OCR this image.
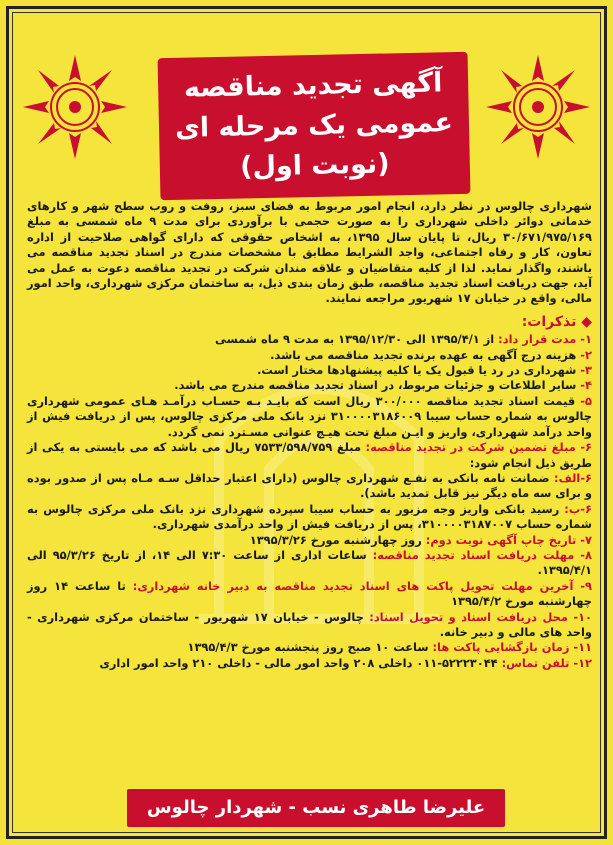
آگهی تجدید مناقصه
عمومی یک مرحله ای
(نوبت اول)

شهرداری چالوس در نظر دارد، انجام امور مربوط به فضای سبز، روفت و روب سطح شهر و کارهای خدماتی دوائر داخلی شهرداری را به صورت حجمی با برآوردی برای مدت ۹ ماه شمسی به مبلغ ۳۰/۶۷۱/۹۷۵/۱۶۹ ریال، تا پایان سال ۱۳۹۵، به اشخاص حقوقی که دارای گواهی صلاحیت از اداره تعاون، کار و رفاه اجتماعی، واجد الشرایط مطابق با مشخصات مندرج در اسناد تجدید مناقصه می باشند، واگذار نماید. لذا از کلیه متقاضیان و علاقه مندان شرکت در تجدید مناقصه دعوت به عمل می آید، جهت دریافت اسناد تجدید مناقصه، طبق زمان بندی ذیل، به ساختمان مرکزی شهرداری، واحد امور مالی، واقع در خیابان ۱۷ شهریور مراجعه نمایند.

◆ تذکرات:

۱- مدت قرار داد: از ۱۳۹۵/۴/۱ الی ۱۳۹۵/۱۲/۳۰ به مدت ۹ ماه شمسی

۲- هزینه درج آگهی به عهده برنده تجدید مناقصه می باشد.

۳- شهرداری در رد یا قبول یک یا کلیه پیشنهادها مختار است.

۴- سایر اطلاعات و جزئیات مربوط، در اسناد تجدید مناقصه مندرج می باشد.

۵- قیمت اسناد تجدید مناقصه ۳۰۰/۰۰۰ ریال است که بایـد بـه حسـاب درآمـد هـای عمومی شهرداری چالوس به شماره حساب سیبا ۳۱۰۰۰۰۳۱۸۶۰۰۹ نزد بانک ملی مرکزی چالوس، پس از دریافت فیش از واحد درآمد شهرداری، واریز و ایـن مبلغ تحت هیـچ عنوانی مسـترد نمی گردد.

۶- مبلغ تضمین شرکت در تجدید مناقصه: مبلغ ۷۵۳۳/۵۹۸/۷۵۹ ریال می باشد که می بایستی به یکی از طریق ذیل انجام شود:

۶-الف: ضمانت نامه بانکی به نفـع شهرداری چالوس (دارای اعتبار حداقل سـه مـاه پس از صدور بوده و برای سه ماه دیگر نیز قابل تمدید باشد).

۶-ب: رسید بانکی واریز وجه مزبور به حساب سیبا سپرده شهرداری نزد بانک ملی مرکزی چالوس به شماره حساب ۳۱۰۰۰۰۳۱۸۷۰۰۷، پس از دریافت فیش از واحد درآمدی شهرداری.

۷- تاریخ چاپ آگهی نوبت دوم: روز چهارشنبه مورخ ۱۳۹۵/۳/۲۶

۸- مهلت دریافت اسناد تجدید مناقصه: ساعات اداری از ساعت ۷:۳۰ الی ۱۴، از تاریخ ۹۵/۳/۲۶ الی ۱۳۹۵/۴/۱.

۹- آخرین مهلت تحویل پاکت های اسناد تجدید مناقصه به دبیر خانه شهرداری: تا ساعت ۱۴ روز چهارشنبه مورخ ۱۳۹۵/۴/۲

۱۰- محل دریافت اسناد و تحویل اسناد: چالوس - خیابان ۱۷ شهریور - ساختمان مرکزی شهرداری - واحد های مالی و دبیر خانه.

۱۱- زمان بازگشایی پاکت ها: ساعت ۱۰ صبح روز پنجشنبه مورخ ۱۳۹۵/۴/۳

۱۲- تلفن تماس: ۵۲۲۲۳۰۴۴-۰۱۱ داخلی ۲۰۸ واحد امور مالی - داخلی ۲۱۰ واحد امور اداری

علیرضا طاهری نسب - شهردار چالوس
